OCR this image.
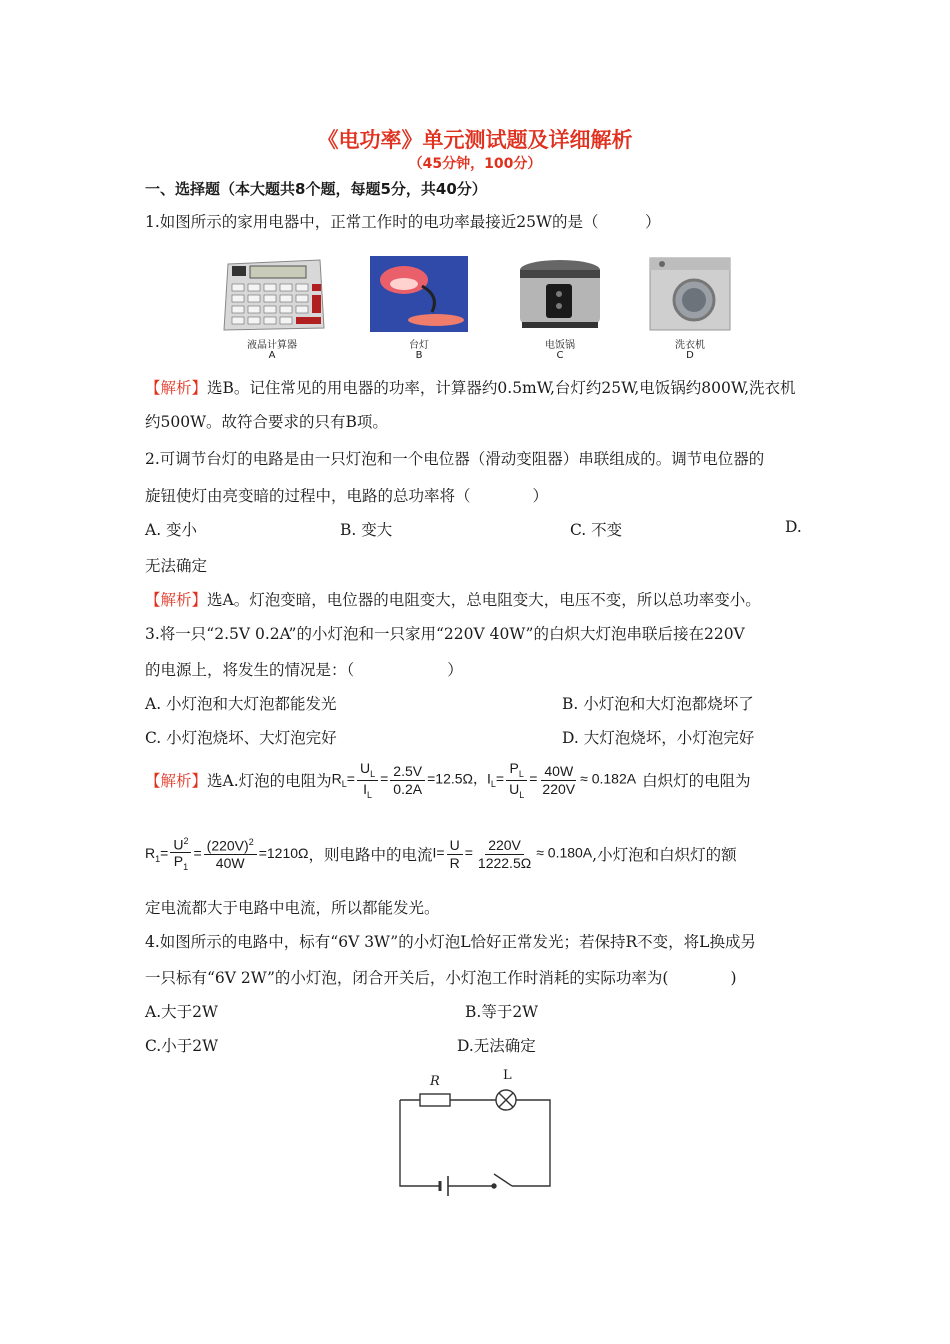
《电功率》单元测试题及详细解析
（45分钟，100分）
一、选择题（本大题共8个题，每题5分，共40分）
1.如图所示的家用电器中，正常工作时的电功率最接近25W的是（　　　）
液晶计算器
A
台灯
B
电饭锅
C
洗衣机
D
【解析】选B。记住常见的用电器的功率，计算器约0.5mW,台灯约25W,电饭锅约800W,洗衣机
约500W。故符合要求的只有B项。
2.可调节台灯的电路是由一只灯泡和一个电位器（滑动变阻器）串联组成的。调节电位器的
旋钮使灯由亮变暗的过程中，电路的总功率将（　　　　）
A. 变小	B. 变大	C. 不变	D.
无法确定
【解析】选A。灯泡变暗，电位器的电阻变大，总电阻变大，电压不变，所以总功率变小。
3.将一只“2.5V 0.2A”的小灯泡和一只家用“220V 40W”的白炽大灯泡串联后接在220V
的电源上，将发生的情况是：（　　　　　　）
A. 小灯泡和大灯泡都能发光	B. 小灯泡和大灯泡都烧坏了
C. 小灯泡烧坏、大灯泡完好	D. 大灯泡烧坏，小灯泡完好
【解析】 选A.灯泡的电阻为 $R_L= \frac{U_L}{I_L} = \frac{2.5V}{0.2A} =12.5\Omega$， $I_L= \frac{P_L}{U_L} = \frac{40W}{220V} \approx 0.182A$ 白炽灯的电阻为
$R_1= \frac{U^2}{P_1} = \frac{(220V)^2}{40W} =1210\Omega$ ，则电路中的电流 $I= \frac{U}{R} = \frac{220V}{1222.5\Omega} \approx 0.180A$ ,小灯泡和白炽灯的额
定电流都大于电路中电流，所以都能发光。
4.如图所示的电路中，标有“6V 3W”的小灯泡L恰好正常发光；若保持R不变，将L换成另
一只标有“6V 2W”的小灯泡，闭合开关后，小灯泡工作时消耗的实际功率为(　　　　)
A.大于2W	B.等于2W
C.小于2W	D.无法确定
R	L
